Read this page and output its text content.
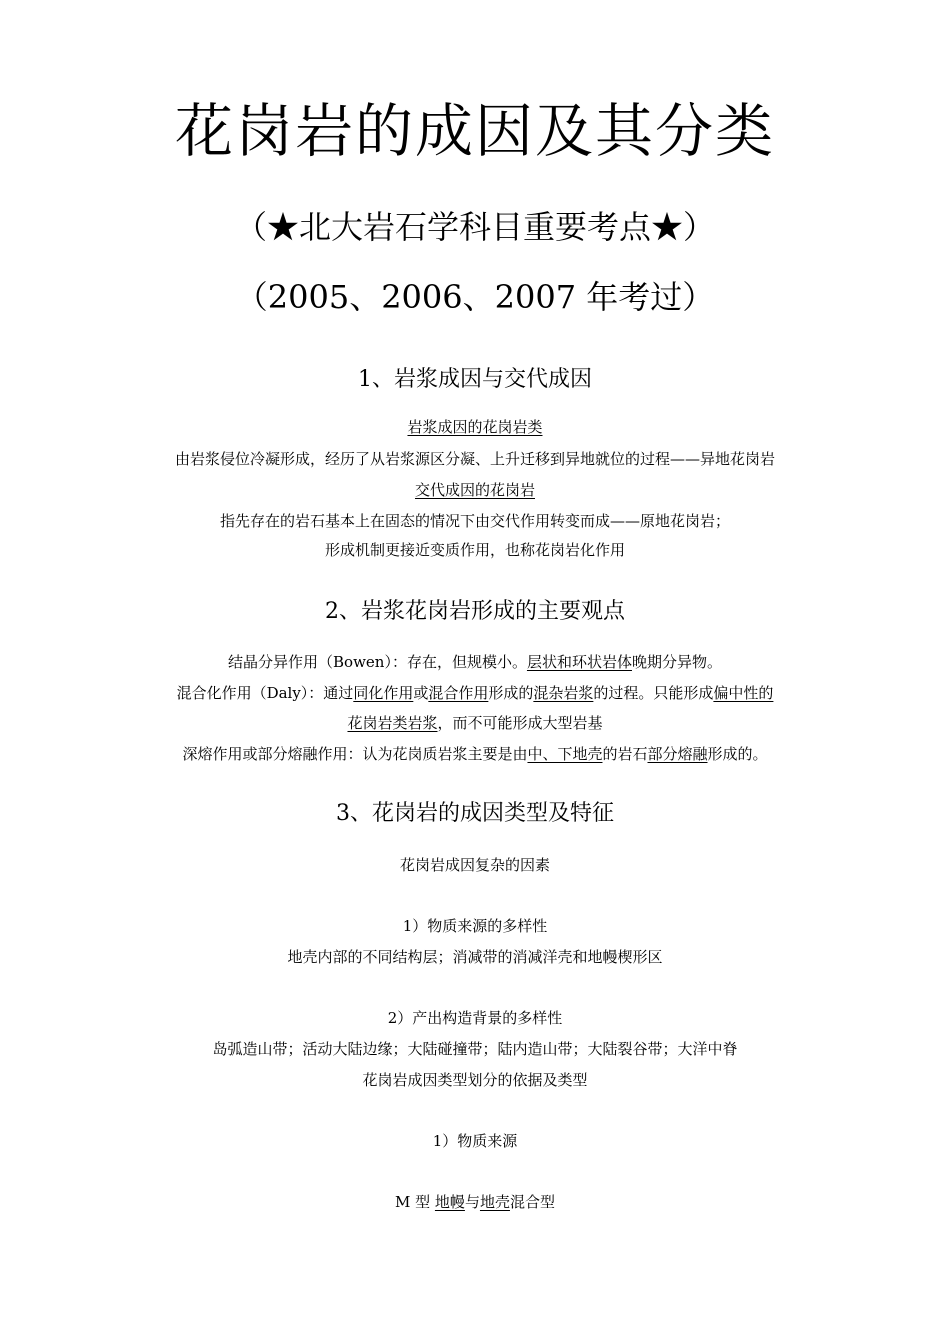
花岗岩的成因及其分类
（★北大岩石学科目重要考点★）
（2005、2006、2007 年考过）
1、岩浆成因与交代成因
岩浆成因的花岗岩类
由岩浆侵位冷凝形成，经历了从岩浆源区分凝、上升迁移到异地就位的过程——异地花岗岩
交代成因的花岗岩
指先存在的岩石基本上在固态的情况下由交代作用转变而成——原地花岗岩；
形成机制更接近变质作用，也称花岗岩化作用
2、岩浆花岗岩形成的主要观点
结晶分异作用（Bowen）：存在，但规模小。层状和环状岩体晚期分异物。
混合化作用（Daly）：通过同化作用或混合作用形成的混杂岩浆的过程。只能形成偏中性的
花岗岩类岩浆，而不可能形成大型岩基
深熔作用或部分熔融作用：认为花岗质岩浆主要是由中、下地壳的岩石部分熔融形成的。
3、花岗岩的成因类型及特征
花岗岩成因复杂的因素
1）物质来源的多样性
地壳内部的不同结构层；消减带的消减洋壳和地幔楔形区
2）产出构造背景的多样性
岛弧造山带；活动大陆边缘；大陆碰撞带；陆内造山带；大陆裂谷带；大洋中脊
花岗岩成因类型划分的依据及类型
1）物质来源
M 型 地幔与地壳混合型
